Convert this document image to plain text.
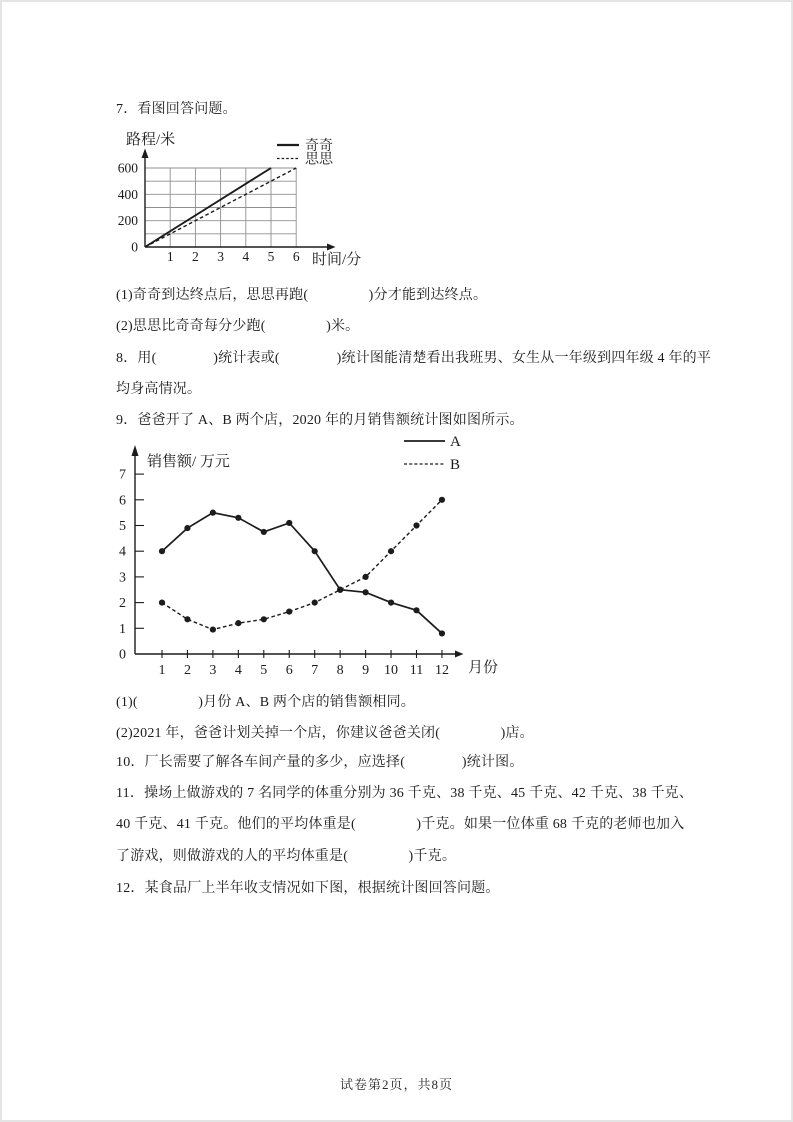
7．看图回答问题。

0
200
400
600
1 2 3 4 5 6
路程/米
时间/分
奇奇
思思

(1)奇奇到达终点后，思思再跑(　　　　 )分才能到达终点。

(2)思思比奇奇每分少跑(　　　　 )米。

8．用(　　　　)统计表或(　　　　)统计图能清楚看出我班男、女生从一年级到四年级 4 年的平

均身高情况。

9．爸爸开了 A、B 两个店，2020 年的月销售额统计图如图所示。

0
1
2
3
4
5
6
7
1 2 3 4 5 6 7 8 9 10 11 12
销售额/ 万元
月份
A
B

(1)(　　　　 )月份 A、B 两个店的销售额相同。

(2)2021 年，爸爸计划关掉一个店，你建议爸爸关闭(　　　　 )店。

10．厂长需要了解各车间产量的多少，应选择(　　　　)统计图。

11．操场上做游戏的 7 名同学的体重分别为 36 千克、38 千克、45 千克、42 千克、38 千克、

40 千克、41 千克。他们的平均体重是(　　　　 )千克。如果一位体重 68 千克的老师也加入

了游戏，则做游戏的人的平均体重是(　　　　 )千克。

12．某食品厂上半年收支情况如下图，根据统计图回答问题。

试卷第2页，共8页
